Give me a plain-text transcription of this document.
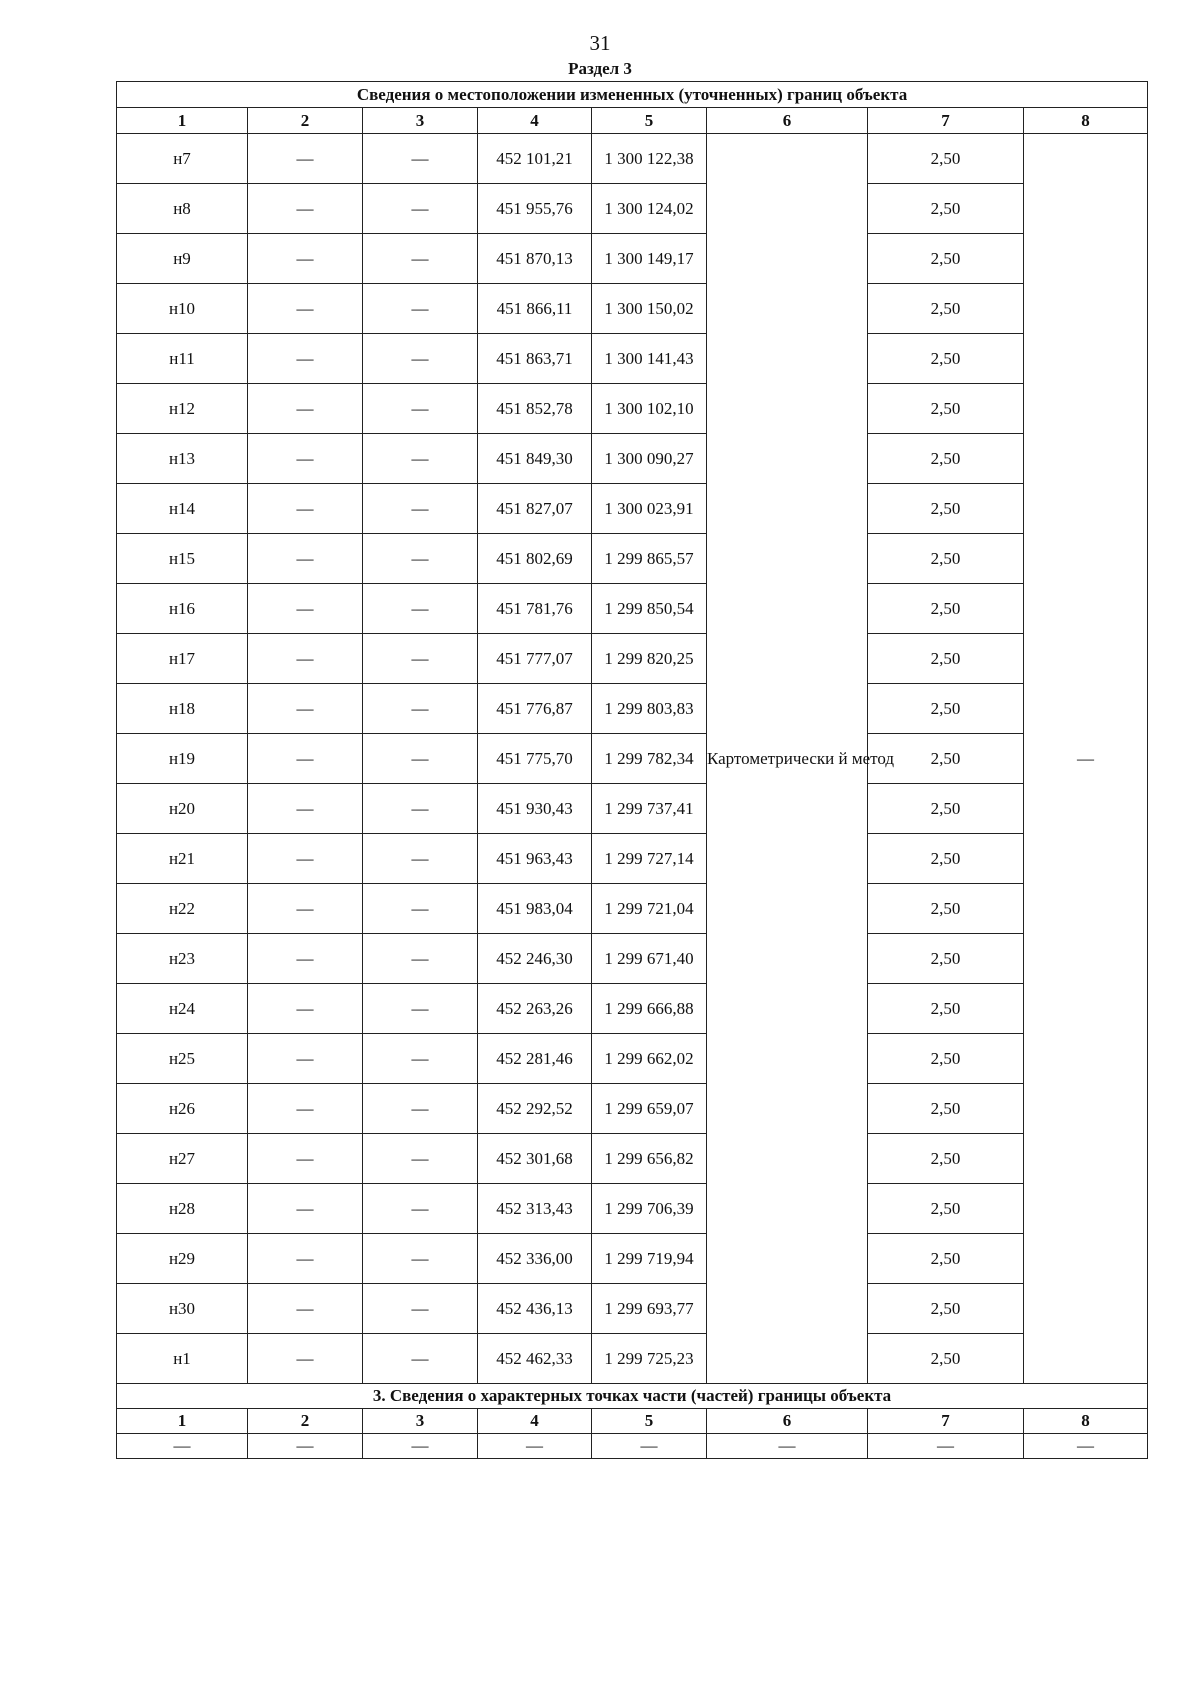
31
Раздел 3
Сведения о местоположении измененных (уточненных) границ объекта							
1	2	3	4	5	6	7	8
н7	—	—	452 101,21	1 300 122,38	Картометрически й метод	2,50	—
н8	—	—	451 955,76	1 300 124,02		2,50	
н9	—	—	451 870,13	1 300 149,17		2,50	
н10	—	—	451 866,11	1 300 150,02		2,50	
н11	—	—	451 863,71	1 300 141,43		2,50	
н12	—	—	451 852,78	1 300 102,10		2,50	
н13	—	—	451 849,30	1 300 090,27		2,50	
н14	—	—	451 827,07	1 300 023,91		2,50	
н15	—	—	451 802,69	1 299 865,57		2,50	
н16	—	—	451 781,76	1 299 850,54		2,50	
н17	—	—	451 777,07	1 299 820,25		2,50	
н18	—	—	451 776,87	1 299 803,83		2,50	
н19	—	—	451 775,70	1 299 782,34		2,50	
н20	—	—	451 930,43	1 299 737,41		2,50	
н21	—	—	451 963,43	1 299 727,14		2,50	
н22	—	—	451 983,04	1 299 721,04		2,50	
н23	—	—	452 246,30	1 299 671,40		2,50	
н24	—	—	452 263,26	1 299 666,88		2,50	
н25	—	—	452 281,46	1 299 662,02		2,50	
н26	—	—	452 292,52	1 299 659,07		2,50	
н27	—	—	452 301,68	1 299 656,82		2,50	
н28	—	—	452 313,43	1 299 706,39		2,50	
н29	—	—	452 336,00	1 299 719,94		2,50	
н30	—	—	452 436,13	1 299 693,77		2,50	
н1	—	—	452 462,33	1 299 725,23		2,50	
3. Сведения о характерных точках части (частей) границы объекта							
1	2	3	4	5	6	7	8
—	—	—	—	—	—	—	—
